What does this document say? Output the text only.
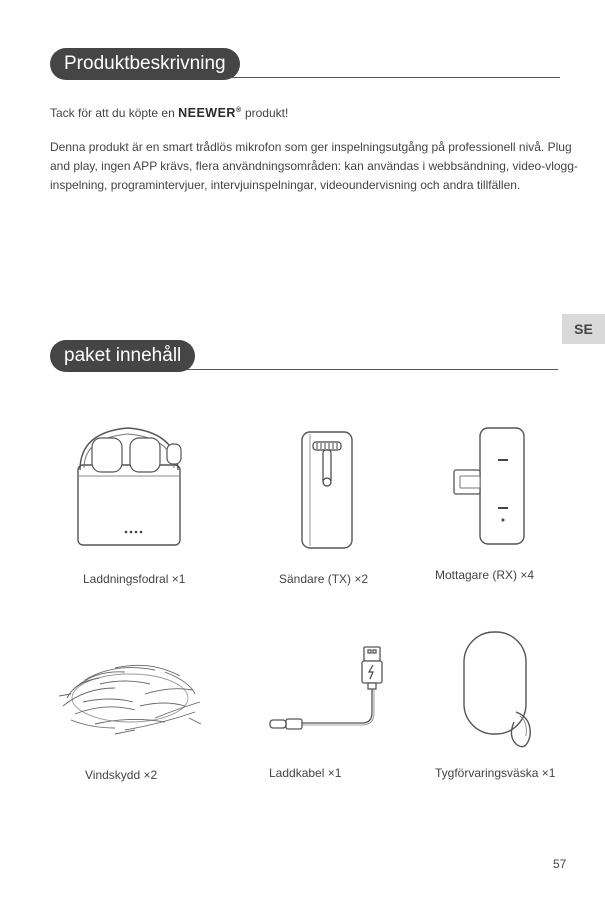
Produktbeskrivning
Tack för att du köpte en NEEWER® produkt!
Denna produkt är en smart trådlös mikrofon som ger inspelningsutgång på professionell nivå. Plug and play, ingen APP krävs, flera användningsområden: kan användas i webbsändning, video-vlogg-inspelning, programintervjuer, intervjuinspelningar, videoundervisning och andra tillfällen.
SE
paket innehåll
Laddningsfodral ×1	Sändare (TX) ×2	Mottagare (RX) ×4
Vindskydd ×2	Laddkabel ×1	Tygförvaringsväska ×1
57
